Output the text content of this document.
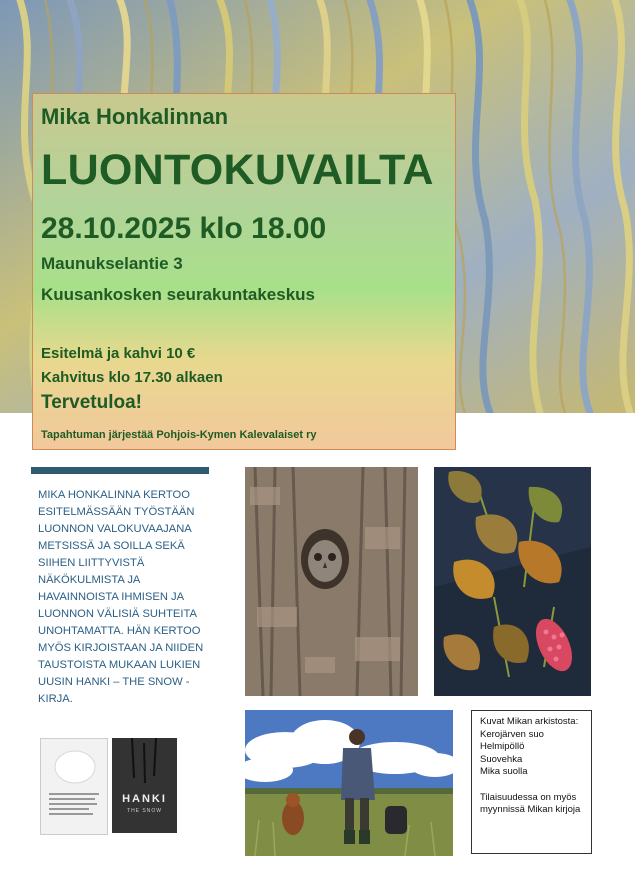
Mika Honkalinnan
LUONTOKUVAILTA
28.10.2025 klo 18.00
Maunukselantie 3
Kuusankosken seurakuntakeskus
Esitelmä ja kahvi 10 €
Kahvitus klo 17.30 alkaen
Tervetuloa!
Tapahtuman järjestää Pohjois-Kymen Kalevalaiset ry

MIKA HONKALINNA KERTOO ESITELMÄSSÄÄN TYÖSTÄÄN LUONNON VALOKUVAAJANA METSISSÄ JA SOILLA SEKÄ SIIHEN LIITTYVISTÄ NÄKÖKULMISTA JA HAVAINNOISTA IHMISEN JA LUONNON VÄLISIÄ SUHTEITA UNOHTAMATTA. HÄN KERTOO MYÖS KIRJOISTAAN JA NIIDEN TAUSTOISTA MUKAAN LUKIEN UUSIN HANKI – THE SNOW -KIRJA.

Kuvat Mikan arkistosta:

Kerojärven suo

Helmipöllö

Suovehka

Mika suolla

Tilaisuudessa on myös myynnissä Mikan kirjoja

HANKI
THE SNOW
